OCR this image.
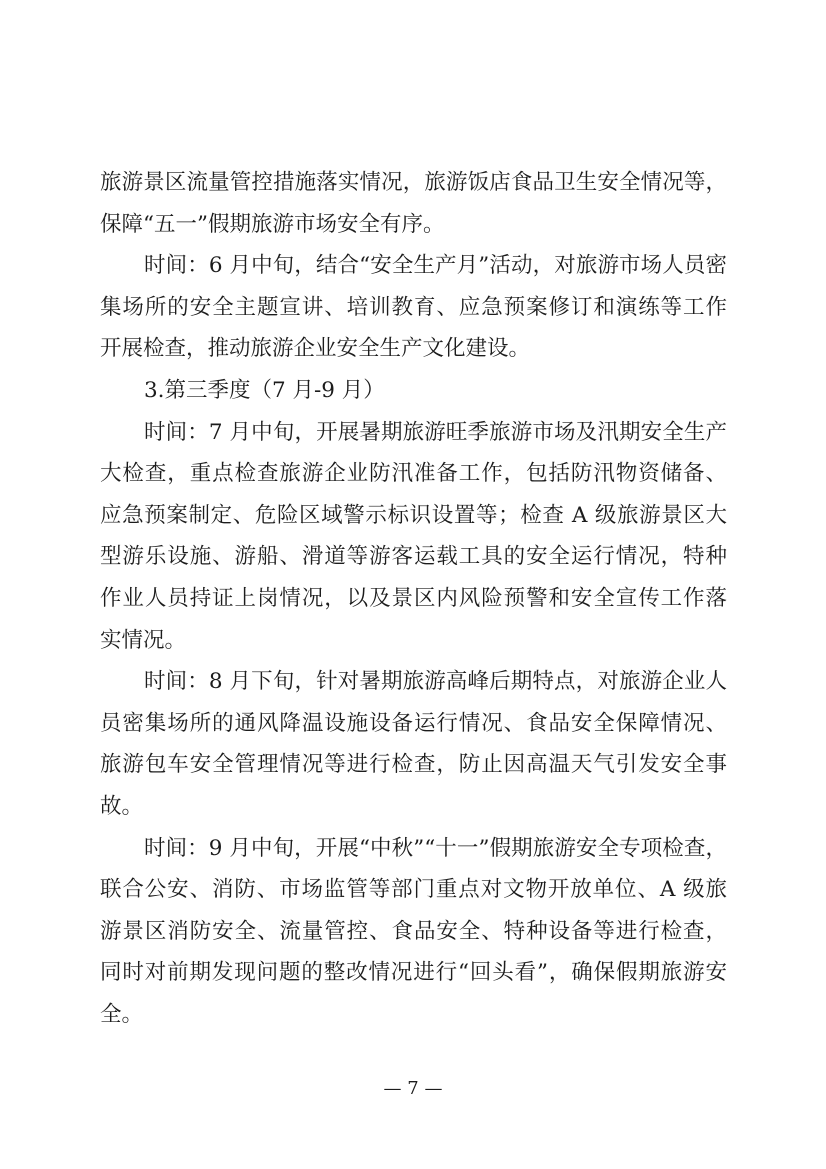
旅游景区流量管控措施落实情况，旅游饭店食品卫生安全情况等，
保障“五一”假期旅游市场安全有序。
时间：6 月中旬，结合“安全生产月”活动，对旅游市场人员密
集场所的安全主题宣讲、培训教育、应急预案修订和演练等工作
开展检查，推动旅游企业安全生产文化建设。
3.第三季度（7 月-9 月）
时间：7 月中旬，开展暑期旅游旺季旅游市场及汛期安全生产
大检查，重点检查旅游企业防汛准备工作，包括防汛物资储备、
应急预案制定、危险区域警示标识设置等；检查 A 级旅游景区大
型游乐设施、游船、滑道等游客运载工具的安全运行情况，特种
作业人员持证上岗情况，以及景区内风险预警和安全宣传工作落
实情况。
时间：8 月下旬，针对暑期旅游高峰后期特点，对旅游企业人
员密集场所的通风降温设施设备运行情况、食品安全保障情况、
旅游包车安全管理情况等进行检查，防止因高温天气引发安全事
故。
时间：9 月中旬，开展“中秋”“十一”假期旅游安全专项检查，
联合公安、消防、市场监管等部门重点对文物开放单位、A 级旅
游景区消防安全、流量管控、食品安全、特种设备等进行检查，
同时对前期发现问题的整改情况进行“回头看”，确保假期旅游安
全。
— 7 —
